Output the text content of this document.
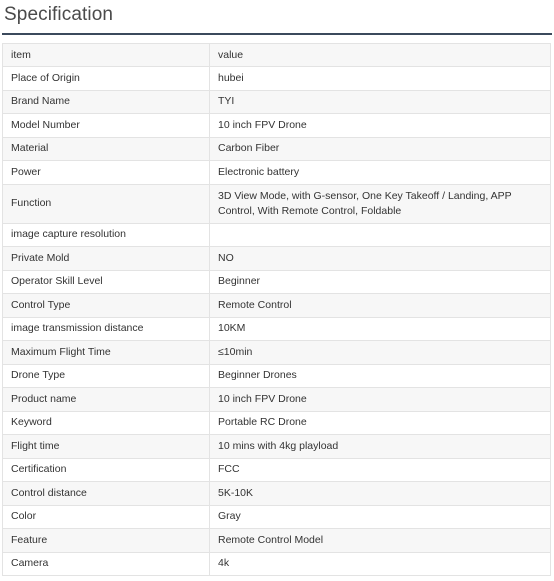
Specification
item	value
Place of Origin	hubei
Brand Name	TYI
Model Number	10 inch FPV Drone
Material	Carbon Fiber
Power	Electronic battery
Function	3D View Mode, with G-sensor, One Key Takeoff / Landing, APP Control, With Remote Control, Foldable
image capture resolution	
Private Mold	NO
Operator Skill Level	Beginner
Control Type	Remote Control
image transmission distance	10KM
Maximum Flight Time	≤10min
Drone Type	Beginner Drones
Product name	10 inch FPV Drone
Keyword	Portable RC Drone
Flight time	10 mins with 4kg playload
Certification	FCC
Control distance	5K-10K
Color	Gray
Feature	Remote Control Model
Camera	4k
